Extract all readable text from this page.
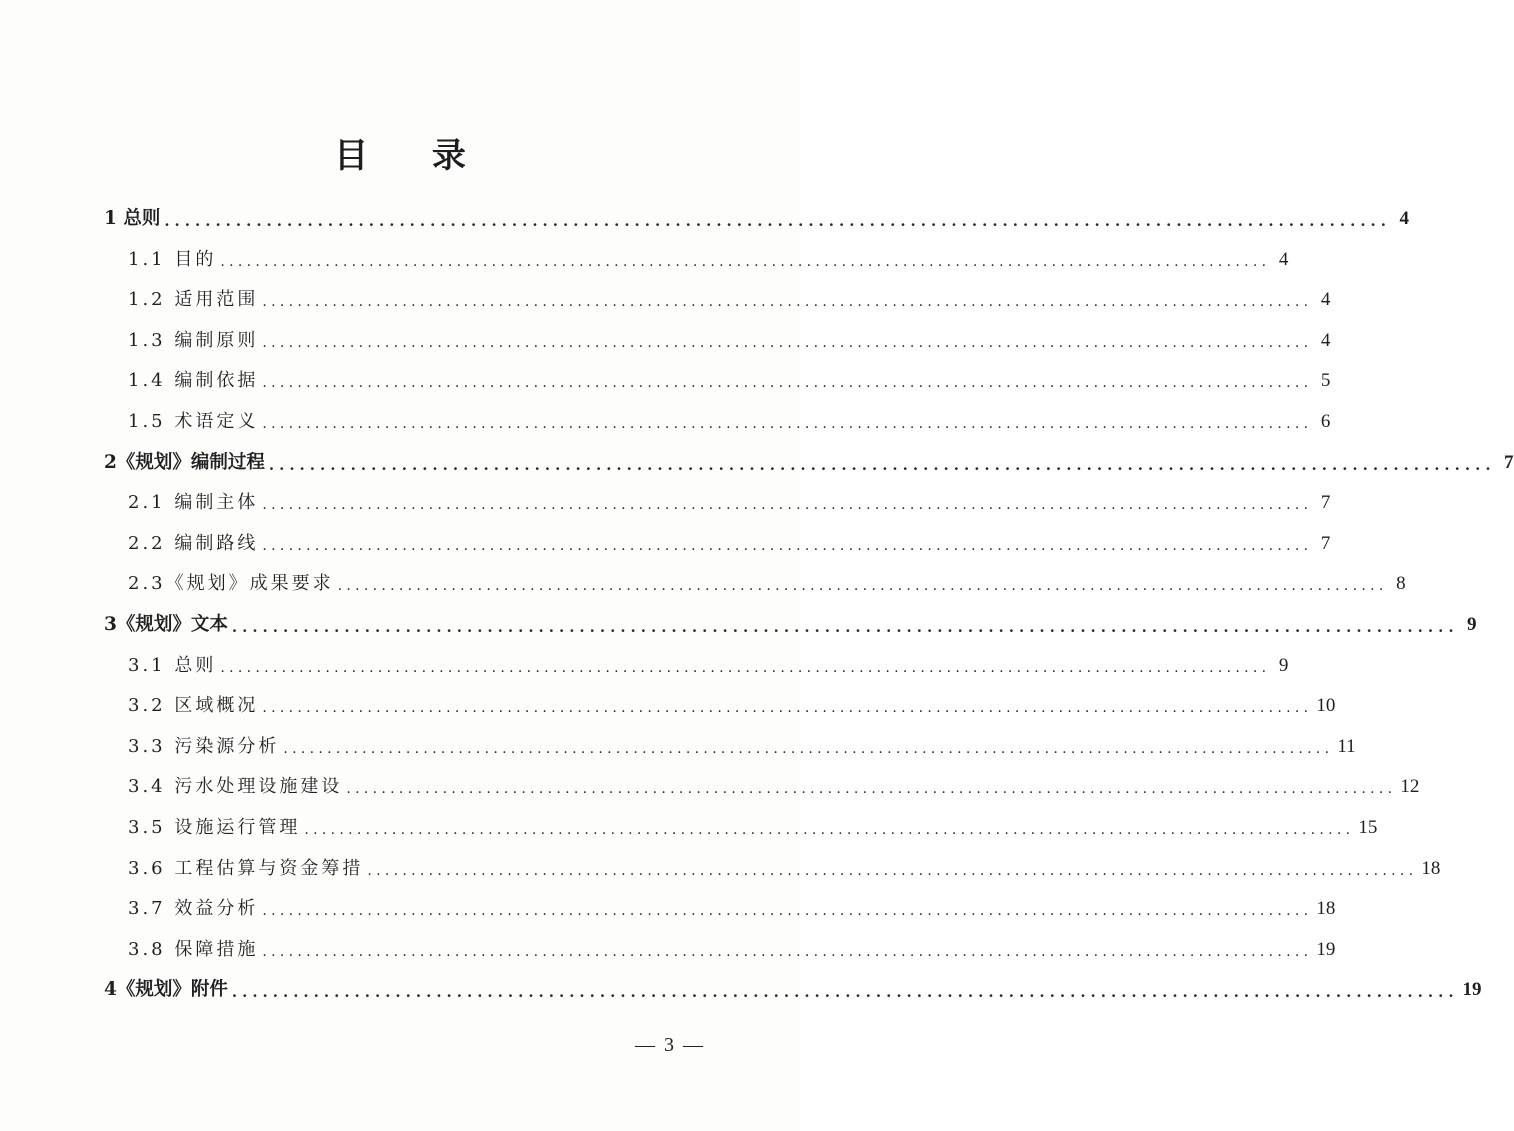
目 录
1 总则 ........................................................................................................................ 4
1.1 目的 ........................................................................................................................ 4
1.2 适用范围 ........................................................................................................................ 4
1.3 编制原则 ........................................................................................................................ 4
1.4 编制依据 ........................................................................................................................ 5
1.5 术语定义 ........................................................................................................................ 6
2《规划》编制过程 ........................................................................................................................ 7
2.1 编制主体 ........................................................................................................................ 7
2.2 编制路线 ........................................................................................................................ 7
2.3《规划》成果要求 ........................................................................................................................ 8
3《规划》文本 ........................................................................................................................ 9
3.1 总则 ........................................................................................................................ 9
3.2 区域概况 ........................................................................................................................ 10
3.3 污染源分析 ........................................................................................................................ 11
3.4 污水处理设施建设 ........................................................................................................................ 12
3.5 设施运行管理 ........................................................................................................................ 15
3.6 工程估算与资金筹措 ........................................................................................................................ 18
3.7 效益分析 ........................................................................................................................ 18
3.8 保障措施 ........................................................................................................................ 19
4《规划》附件 ........................................................................................................................ 19
— 3 —
